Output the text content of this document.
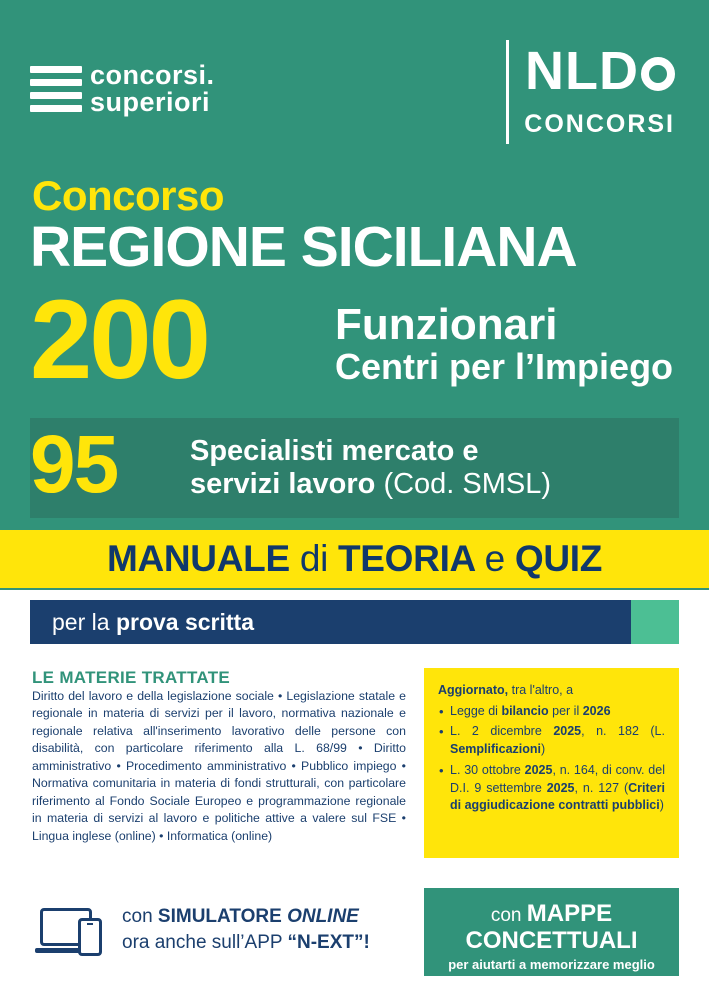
concorsi.
superiori
NLD
CONCORSI
Concorso
REGIONE SICILIANA
200	Funzionari
Centri per l’Impiego
95	Specialisti mercato e
servizi lavoro (Cod. SMSL)
MANUALE di TEORIA e QUIZ
per la prova scritta
LE MATERIE TRATTATE
Diritto del lavoro e della legislazione sociale • Legislazione statale e regionale in materia di servizi per il lavoro, normativa nazionale e regionale relativa all'inserimento lavorativo delle persone con disabilità, con particolare riferimento alla L. 68/99 • Diritto amministrativo • Procedimento amministrativo • Pubblico impiego • Normativa comunitaria in materia di fondi strutturali, con particolare riferimento al Fondo Sociale Europeo e programmazione regionale in materia di servizi al lavoro e politiche attive a valere sul FSE • Lingua inglese (online) • Informatica (online)
Aggiornato, tra l'altro, a
• Legge di bilancio per il 2026
• L. 2 dicembre 2025, n. 182 (L. Semplificazioni)
• L. 30 ottobre 2025, n. 164, di conv. del D.I. 9 settembre 2025, n. 127 (Criteri di aggiudicazione contratti pubblici)
con MAPPE
CONCETTUALI
per aiutarti a memorizzare meglio
con SIMULATORE ONLINE
ora anche sull’APP “N-EXT”!
